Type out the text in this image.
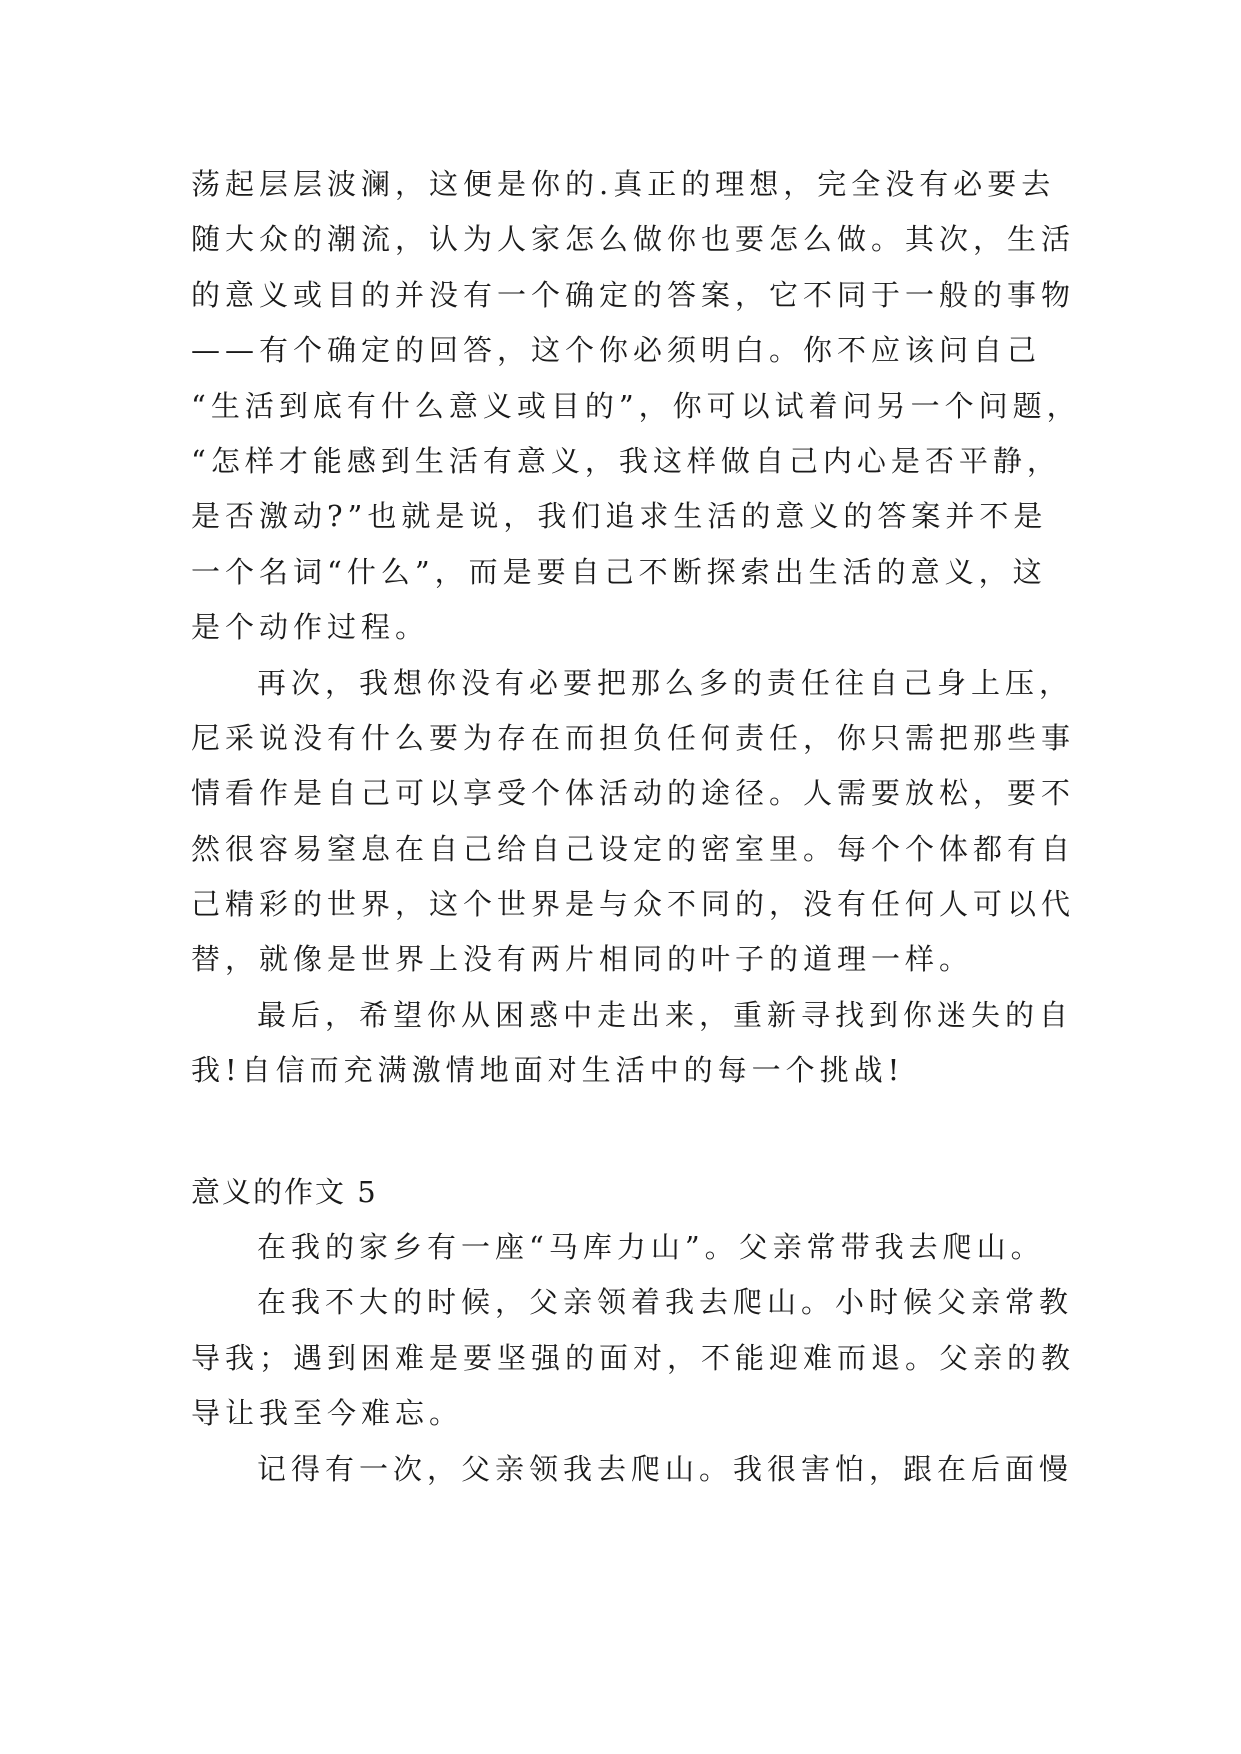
荡起层层波澜，这便是你的.真正的理想，完全没有必要去
随大众的潮流，认为人家怎么做你也要怎么做。其次，生活
的意义或目的并没有一个确定的答案，它不同于一般的事物
——有个确定的回答，这个你必须明白。你不应该问自己
“生活到底有什么意义或目的”，你可以试着问另一个问题，
“怎样才能感到生活有意义，我这样做自己内心是否平静，
是否激动?”也就是说，我们追求生活的意义的答案并不是
一个名词“什么”，而是要自己不断探索出生活的意义，这
是个动作过程。
再次，我想你没有必要把那么多的责任往自己身上压，
尼采说没有什么要为存在而担负任何责任，你只需把那些事
情看作是自己可以享受个体活动的途径。人需要放松，要不
然很容易窒息在自己给自己设定的密室里。每个个体都有自
己精彩的世界，这个世界是与众不同的，没有任何人可以代
替，就像是世界上没有两片相同的叶子的道理一样。
最后，希望你从困惑中走出来，重新寻找到你迷失的自
我!自信而充满激情地面对生活中的每一个挑战!
意义的作文 5
在我的家乡有一座“马库力山”。父亲常带我去爬山。
在我不大的时候，父亲领着我去爬山。小时候父亲常教
导我；遇到困难是要坚强的面对，不能迎难而退。父亲的教
导让我至今难忘。
记得有一次，父亲领我去爬山。我很害怕，跟在后面慢
